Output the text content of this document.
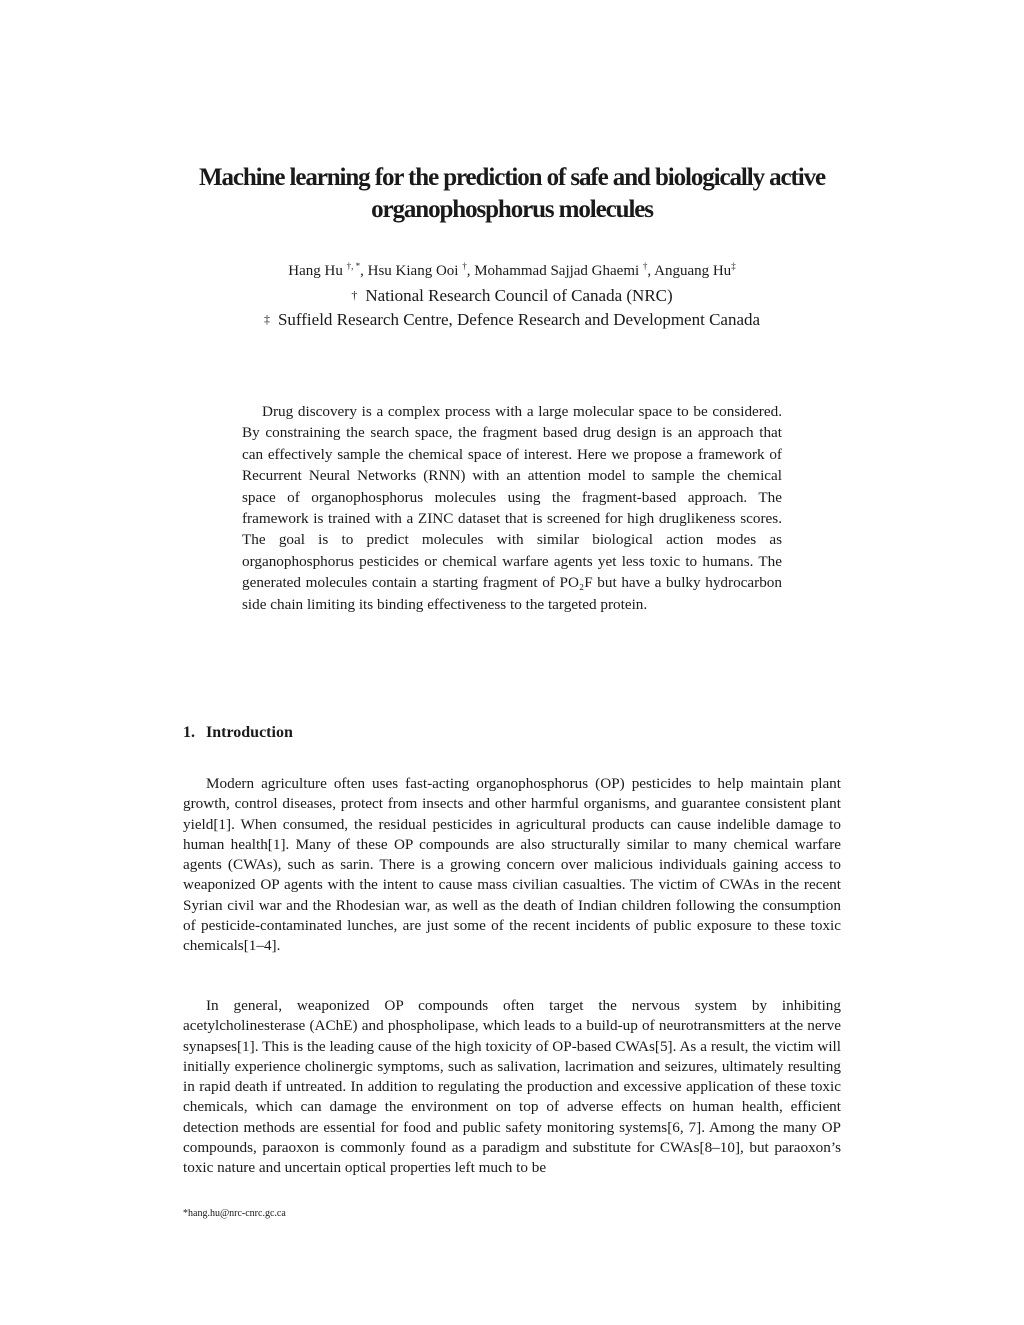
Machine learning for the prediction of safe and biologically active
organophosphorus molecules

Hang Hu †, *, Hsu Kiang Ooi †, Mohammad Sajjad Ghaemi †, Anguang Hu‡

† National Research Council of Canada (NRC)

‡ Suffield Research Centre, Defence Research and Development Canada

Drug discovery is a complex process with a large molecular space to be considered. By constraining the search space, the fragment based drug design is an approach that can effectively sample the chemical space of interest. Here we propose a framework of Recurrent Neural Networks (RNN) with an attention model to sample the chemical space of organophosphorus molecules using the fragment-based approach. The framework is trained with a ZINC dataset that is screened for high druglikeness scores. The goal is to predict molecules with similar biological action modes as organophosphorus pesticides or chemical warfare agents yet less toxic to humans. The generated molecules contain a starting fragment of PO₂F but have a bulky hydrocarbon side chain limiting its binding effectiveness to the targeted protein.

1. Introduction

Modern agriculture often uses fast-acting organophosphorus (OP) pesticides to help maintain plant growth, control diseases, protect from insects and other harmful organisms, and guarantee consistent plant yield[1]. When consumed, the residual pesticides in agricultural products can cause indelible damage to human health[1]. Many of these OP compounds are also structurally similar to many chemical warfare agents (CWAs), such as sarin. There is a growing concern over malicious individuals gaining access to weaponized OP agents with the intent to cause mass civilian casualties. The victim of CWAs in the recent Syrian civil war and the Rhodesian war, as well as the death of Indian children following the consumption of pesticide-contaminated lunches, are just some of the recent incidents of public exposure to these toxic chemicals[1–4].

In general, weaponized OP compounds often target the nervous system by inhibiting acetylcholinesterase (AChE) and phospholipase, which leads to a build-up of neurotransmitters at the nerve synapses[1]. This is the leading cause of the high toxicity of OP-based CWAs[5]. As a result, the victim will initially experience cholinergic symptoms, such as salivation, lacrimation and seizures, ultimately resulting in rapid death if untreated. In addition to regulating the production and excessive application of these toxic chemicals, which can damage the environment on top of adverse effects on human health, efficient detection methods are essential for food and public safety monitoring systems[6, 7]. Among the many OP compounds, paraoxon is commonly found as a paradigm and substitute for CWAs[8–10], but paraoxon’s toxic nature and uncertain optical properties left much to be

*hang.hu@nrc-cnrc.gc.ca
